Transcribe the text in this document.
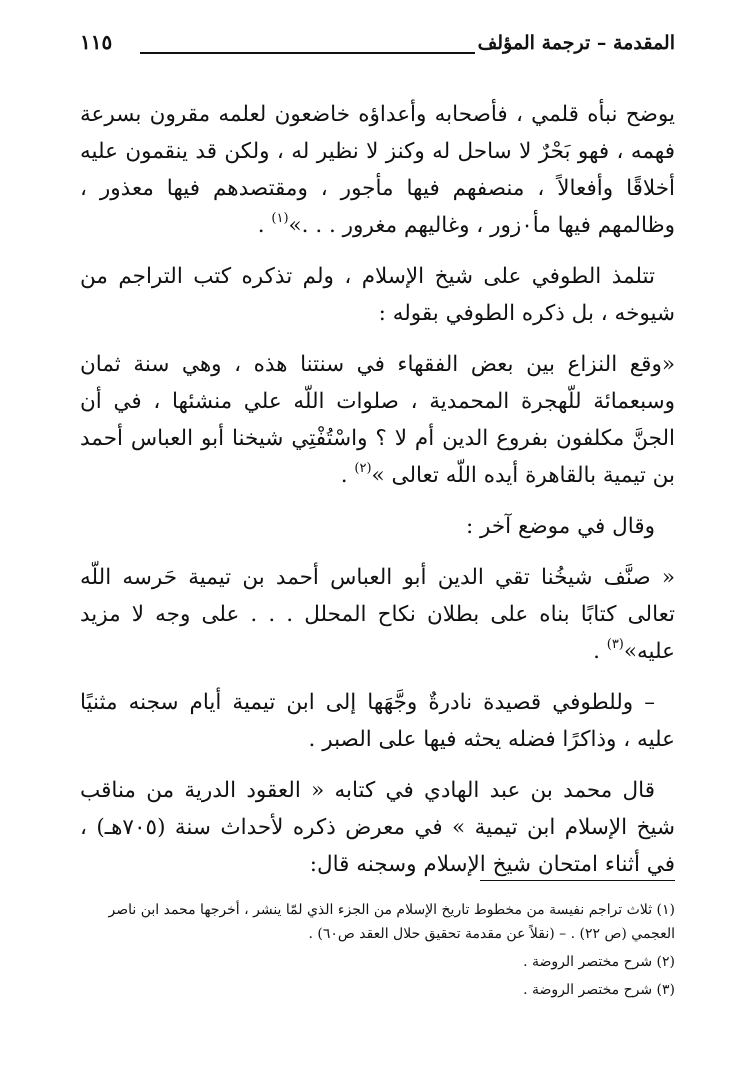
المقدمة – ترجمة المؤلف
١١٥

يوضح نبأه قلمي ، فأصحابه وأعداؤه خاضعون لعلمه مقرون بسرعة فهمه ، فهو بَحْرٌ لا ساحل له وكنز لا نظير له ، ولكن قد ينقمون عليه أخلاقًا وأفعالاً ، منصفهم فيها مأجور ، ومقتصدهم فيها معذور ، وظالمهم فيها مأ٠زور ، وغاليهم مغرور . . .»$^{(١)}$ .

تتلمذ الطوفي على شيخ الإسلام ، ولم تذكره كتب التراجم من شيوخه ، بل ذكره الطوفي بقوله :

«وقع النزاع بين بعض الفقهاء في سنتنا هذه ، وهي سنة ثمان وسبعمائة للّهجرة المحمدية ، صلوات اللّه علي منشئها ، في أن الجنَّ مكلفون بفروع الدين أم لا ؟ واسْتُفْتِي شيخنا أبو العباس أحمد بن تيمية بالقاهرة أيده اللّه تعالى »$^{(٢)}$ .

وقال في موضع آخر :

« صنَّف شيخُنا تقي الدين أبو العباس أحمد بن تيمية حَرسه اللّه تعالى كتابًا بناه على بطلان نكاح المحلل . . . على وجه لا مزيد عليه»$^{(٣)}$ .

– وللطوفي قصيدة نادرةٌ وجَّهَها إلى ابن تيمية أيام سجنه مثنيًا عليه ، وذاكرًا فضله يحثه فيها على الصبر .

قال محمد بن عبد الهادي في كتابه « العقود الدرية من مناقب شيخ الإسلام ابن تيمية » في معرض ذكره لأحداث سنة (٧٠٥هـ) ، في أثناء امتحان شيخ الإسلام وسجنه قال:

(١) ثلاث تراجم نفيسة من مخطوط تاريخ الإسلام من الجزء الذي لمّا ينشر ، أخرجها محمد ابن ناصر العجمي (ص ٢٢) . – (نقلاً عن مقدمة تحقيق حلال العقد ص٦٠) .

(٢) شرح مختصر الروضة .

(٣) شرح مختصر الروضة .
